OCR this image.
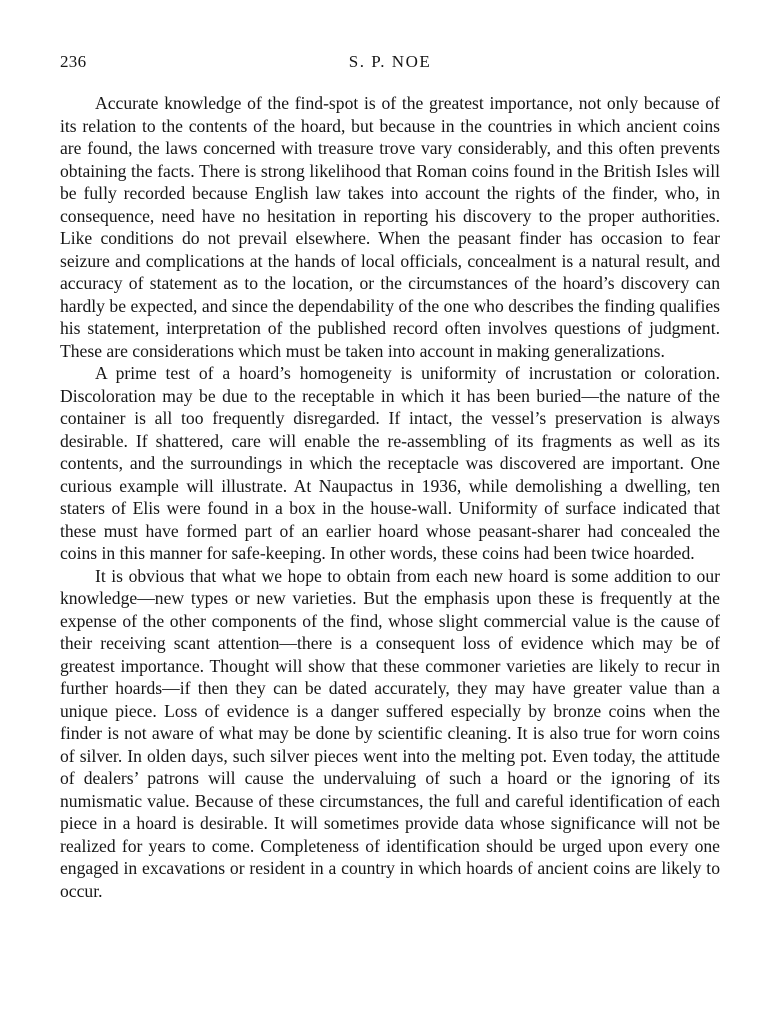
236	S. P. NOE

Accurate knowledge of the find-spot is of the greatest importance, not only because of its relation to the contents of the hoard, but because in the countries in which ancient coins are found, the laws concerned with treasure trove vary considerably, and this often prevents obtaining the facts. There is strong likelihood that Roman coins found in the British Isles will be fully recorded because English law takes into account the rights of the finder, who, in consequence, need have no hesitation in reporting his discovery to the proper authorities. Like conditions do not prevail elsewhere. When the peasant finder has occasion to fear seizure and complications at the hands of local officials, concealment is a natural result, and accuracy of statement as to the location, or the circumstances of the hoard’s discovery can hardly be expected, and since the dependability of the one who describes the finding qualifies his statement, interpretation of the published record often involves questions of judgment. These are considerations which must be taken into account in making generalizations.

A prime test of a hoard’s homogeneity is uniformity of incrustation or coloration. Discoloration may be due to the receptable in which it has been buried—the nature of the container is all too frequently disregarded. If intact, the vessel’s preservation is always desirable. If shattered, care will enable the re-assembling of its fragments as well as its contents, and the surroundings in which the receptacle was discovered are important. One curious example will illustrate. At Naupactus in 1936, while demolishing a dwelling, ten staters of Elis were found in a box in the house-wall. Uniformity of surface indicated that these must have formed part of an earlier hoard whose peasant-sharer had concealed the coins in this manner for safe-keeping. In other words, these coins had been twice hoarded.

It is obvious that what we hope to obtain from each new hoard is some addition to our knowledge—new types or new varieties. But the emphasis upon these is frequently at the expense of the other components of the find, whose slight commercial value is the cause of their receiving scant attention—there is a consequent loss of evidence which may be of greatest importance. Thought will show that these commoner varieties are likely to recur in further hoards—if then they can be dated accurately, they may have greater value than a unique piece. Loss of evidence is a danger suffered especially by bronze coins when the finder is not aware of what may be done by scientific cleaning. It is also true for worn coins of silver. In olden days, such silver pieces went into the melting pot. Even today, the attitude of dealers’ patrons will cause the undervaluing of such a hoard or the ignoring of its numismatic value. Because of these circumstances, the full and careful identification of each piece in a hoard is desirable. It will sometimes provide data whose significance will not be realized for years to come. Completeness of identification should be urged upon every one engaged in excavations or resident in a country in which hoards of ancient coins are likely to occur.
